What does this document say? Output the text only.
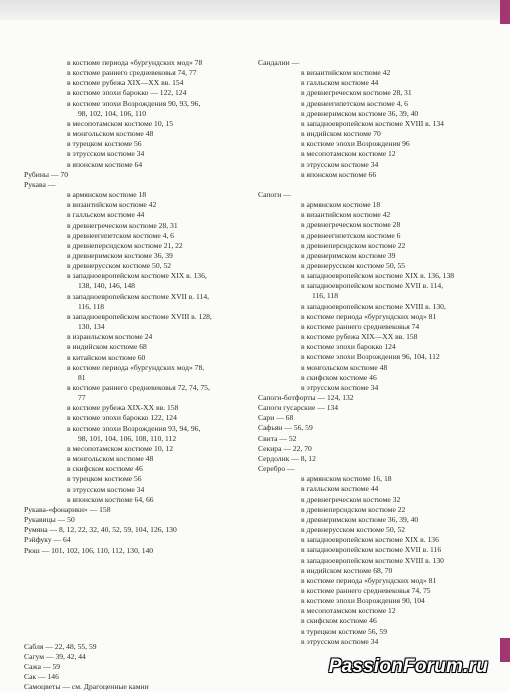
в костюме периода «бургундских мод» 78
в костюме раннего средневековья 74, 77
в костюме рубежа XIX—XX вв. 154
в костюме эпохи барокко — 122, 124
в костюме эпохи Возрождения 90, 93, 96,
98, 102, 104, 106, 110
в месопотамском костюме 10, 15
в монгольском костюме 48
в турецком костюме 56
в этрусском костюме 34
в японском костюме 64
Рубины — 70
Рукава —
в армянском костюме 18
в византийском костюме 42
в галльском костюме 44
в древнегреческом костюме 28, 31
в древнеегипетском костюме 4, 6
в древнеперсидском костюме 21, 22
в древнеримском костюме 36, 39
в древнерусском костюме 50, 52
в западноевропейском костюме XIX в. 136,
138, 140, 146, 148
в западноевропейском костюме XVII в. 114,
116, 118
в западноевропейском костюме XVIII в. 128,
130, 134
в израильском костюме 24
в индийском костюме 68
в китайском костюме 60
в костюме периода «бургундских мод» 78,
81
в костюме раннего средневековья 72, 74, 75,
77
в костюме рубежа XIX-XX вв. 158
в костюме эпохи барокко 122, 124
в костюме эпохи Возрождения 93, 94, 96,
98, 101, 104, 106, 108, 110, 112
в месопотамском костюме 10, 12
в монгольском костюме 48
в скифском костюме 46
в турецком костюме 56
в этрусском костюме 34
в японском костюме 64, 66
Рукава-«фонарики» — 158
Рукавицы — 50
Румяна — 8, 12, 22, 32, 40, 52, 59, 104, 126, 130
Рэйфуку — 64
Рюш — 101, 102, 106, 110, 112, 130, 140
Сабля — 22, 48, 55, 59
Сагум — 39, 42, 44
Сажа — 59
Сак — 146
Самоцветы — см. Драгоценные камни
Сандалии —
в византийском костюме 42
в галльском костюме 44
в древнегреческом костюме 28, 31
в древнеегипетском костюме 4, 6
в древнеримском костюме 36, 39, 40
в западноевропейском костюме XVIII в. 134
в индийском костюме 70
в костюме эпохи Возрождения 96
в месопотамском костюме 12
в этрусском костюме 34
в японском костюме 66
Сапоги —
в армянском костюме 18
в византийском костюме 42
в древнегреческом костюме 28
в древнеегипетском костюме 6
в древнеперсидском костюме 22
в древнеримском костюме 39
в древнерусском костюме 50, 55
в западноевропейском костюме XIX в. 136, 138
в западноевропейском костюме XVII в. 114,
116, 118
в западноевропейском костюме XVIII в. 130,
в костюме периода «бургундских мод» 81
в костюме раннего средневековья 74
в костюме рубежа XIX—XX вв. 158
в костюме эпохи барокко 124
в костюме эпохи Возрождения 96, 104, 112
в монгольском костюме 48
в скифском костюме 46
в этрусском костюме 34
Сапоги-ботфорты — 124, 132
Сапоги гусарские — 134
Сари — 68
Сафьян — 56, 59
Свита — 52
Секира — 22, 70
Сердолик — 8, 12
Серебро —
в армянском костюме 16, 18
в галльском костюме 44
в древнегреческом костюме 32
в древнеперсидском костюме 22
в древнеримском костюме 36, 39, 40
в древнерусском костюме 50, 52
в западноевропейском костюме XIX в. 136
в западноевропейском костюме XVII в. 116
в западноевропейском костюме XVIII в. 130
в индийском костюме 68, 70
в костюме периода «бургундских мод» 81
в костюме раннего средневековья 74, 75
в костюме эпохи Возрождения 90, 104
в месопотамском костюме 12
в скифском костюме 46
в турецком костюме 56, 59
в этрусском костюме 34
PassionForum.ru
